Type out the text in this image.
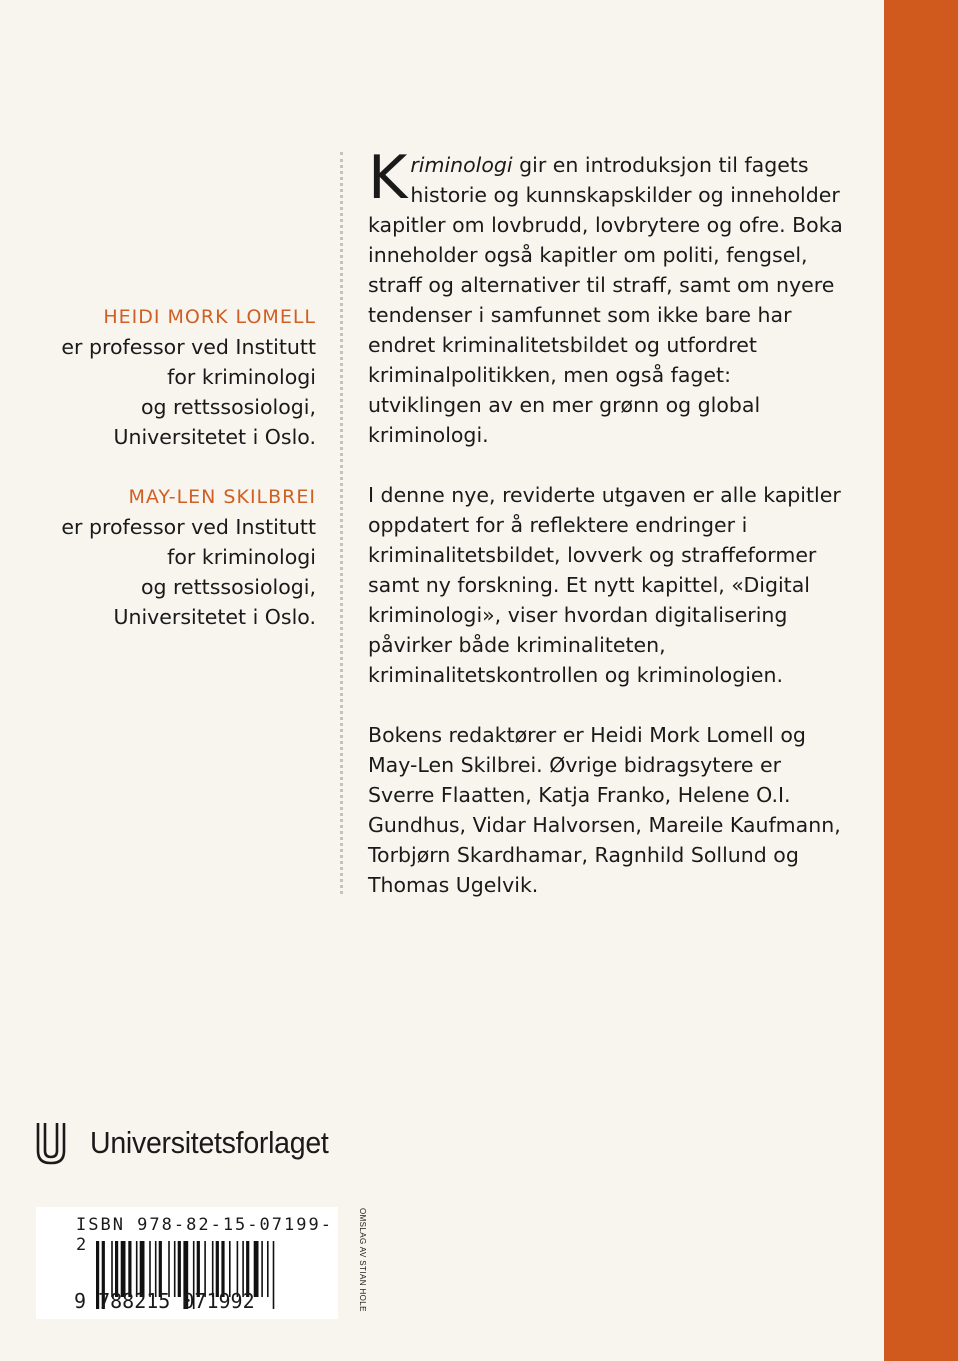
HEIDI MORK LOMELL
er professor ved Institutt
for kriminologi
og rettssosiologi,
Universitetet i Oslo.
MAY-LEN SKILBREI
er professor ved Institutt
for kriminologi
og rettssosiologi,
Universitetet i Oslo.

Kriminologi gir en introduksjon til fagets historie og kunnskapskilder og inneholder kapitler om lovbrudd, lovbrytere og ofre. Boka inneholder også kapitler om politi, fengsel, straff og alternativer til straff, samt om nyere tendenser i samfunnet som ikke bare har endret kriminalitetsbildet og utfordret kriminalpolitikken, men også faget: utviklingen av en mer grønn og global kriminologi.

I denne nye, reviderte utgaven er alle kapitler oppdatert for å reflektere endringer i kriminalitetsbildet, lovverk og straffeformer samt ny forskning. Et nytt kapittel, «Digital kriminologi», viser hvordan digitalisering påvirker både kriminaliteten, kriminalitetskontrollen og kriminologien.

Bokens redaktører er Heidi Mork Lomell og May-Len Skilbrei. Øvrige bidragsytere er Sverre Flaatten, Katja Franko, Helene O.I. Gundhus, Vidar Halvorsen, Mareile Kaufmann, Torbjørn Skardhamar, Ragnhild Sollund og Thomas Ugelvik.

Universitetsforlaget
ISBN 978-82-15-07199-2
9 788215 071992	OMSLAG AV STIAN HOLE
